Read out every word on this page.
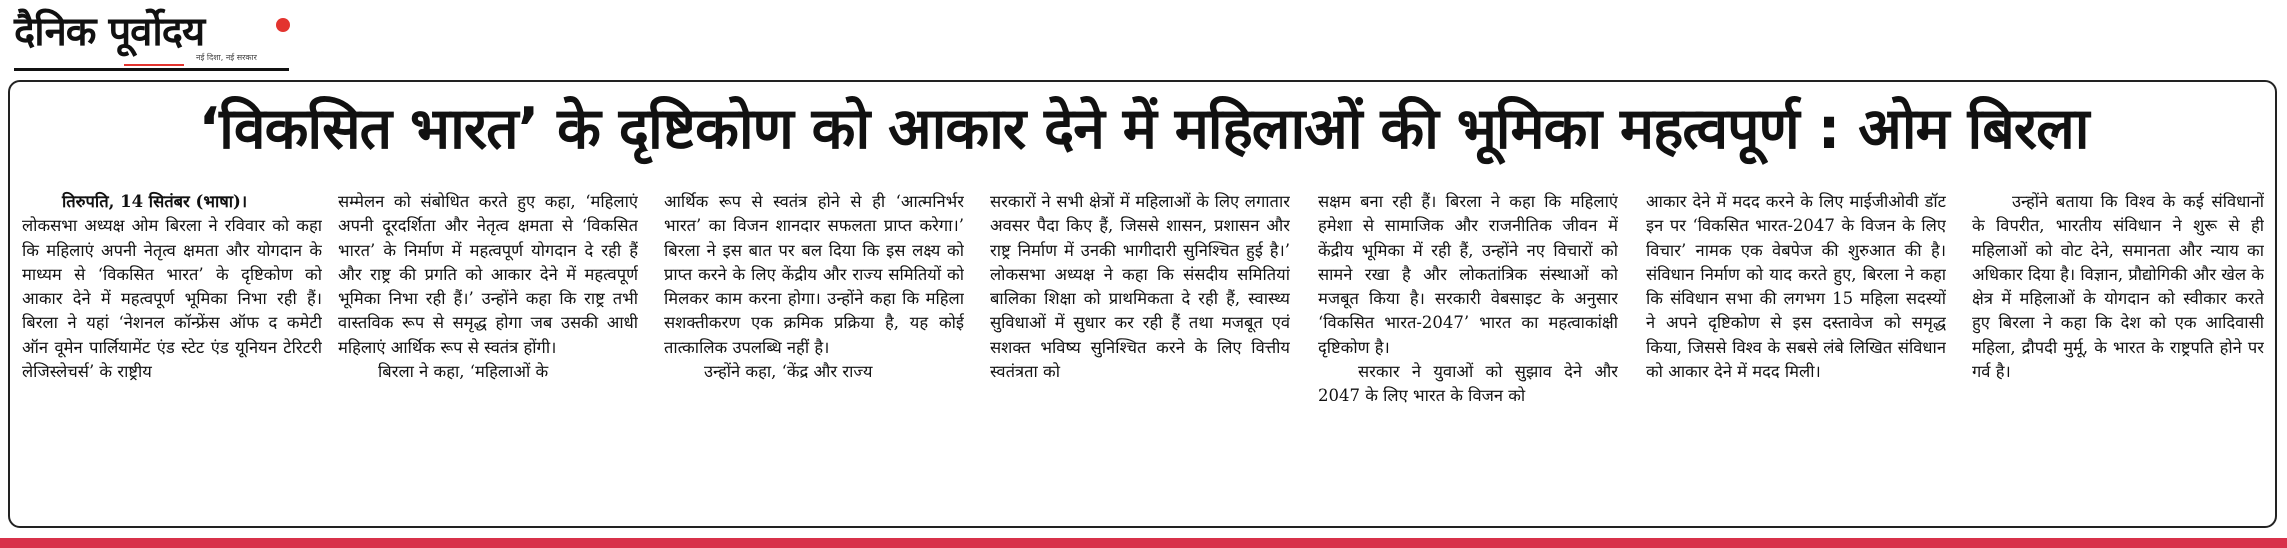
दैनिक पूर्वोदय
नई दिशा, नई सरकार
‘विकसित भारत’ के दृष्टिकोण को आकार देने में महिलाओं की भूमिका महत्वपूर्ण : ओम बिरला

तिरुपति, 14 सितंबर (भाषा)।

लोकसभा अध्यक्ष ओम बिरला ने रविवार को कहा कि महिलाएं अपनी नेतृत्व क्षमता और योगदान के माध्यम से ‘विकसित भारत’ के दृष्टिकोण को आकार देने में महत्वपूर्ण भूमिका निभा रही हैं। बिरला ने यहां ‘नेशनल कॉन्फ्रेंस ऑफ द कमेटी ऑन वूमेन पार्लियामेंट एंड स्टेट एंड यूनियन टेरिटरी लेजिस्लेचर्स’ के राष्ट्रीय

सम्मेलन को संबोधित करते हुए कहा, ‘महिलाएं अपनी दूरदर्शिता और नेतृत्व क्षमता से ‘विकसित भारत’ के निर्माण में महत्वपूर्ण योगदान दे रही हैं और राष्ट्र की प्रगति को आकार देने में महत्वपूर्ण भूमिका निभा रही हैं।’ उन्होंने कहा कि राष्ट्र तभी वास्तविक रूप से समृद्ध होगा जब उसकी आधी महिलाएं आर्थिक रूप से स्वतंत्र होंगी।

बिरला ने कहा, ‘महिलाओं के

आर्थिक रूप से स्वतंत्र होने से ही ‘आत्मनिर्भर भारत’ का विजन शानदार सफलता प्राप्त करेगा।’ बिरला ने इस बात पर बल दिया कि इस लक्ष्य को प्राप्त करने के लिए केंद्रीय और राज्य समितियों को मिलकर काम करना होगा। उन्होंने कहा कि महिला सशक्तीकरण एक क्रमिक प्रक्रिया है, यह कोई तात्कालिक उपलब्धि नहीं है।

उन्होंने कहा, ‘केंद्र और राज्य

सरकारों ने सभी क्षेत्रों में महिलाओं के लिए लगातार अवसर पैदा किए हैं, जिससे शासन, प्रशासन और राष्ट्र निर्माण में उनकी भागीदारी सुनिश्चित हुई है।’ लोकसभा अध्यक्ष ने कहा कि संसदीय समितियां बालिका शिक्षा को प्राथमिकता दे रही हैं, स्वास्थ्य सुविधाओं में सुधार कर रही हैं तथा मजबूत एवं सशक्त भविष्य सुनिश्चित करने के लिए वित्तीय स्वतंत्रता को

सक्षम बना रही हैं। बिरला ने कहा कि महिलाएं हमेशा से सामाजिक और राजनीतिक जीवन में केंद्रीय भूमिका में रही हैं, उन्होंने नए विचारों को सामने रखा है और लोकतांत्रिक संस्थाओं को मजबूत किया है। सरकारी वेबसाइट के अनुसार ‘विकसित भारत-2047’ भारत का महत्वाकांक्षी दृष्टिकोण है।

सरकार ने युवाओं को सुझाव देने और 2047 के लिए भारत के विजन को

आकार देने में मदद करने के लिए माईजीओवी डॉट इन पर ‘विकसित भारत-2047 के विजन के लिए विचार’ नामक एक वेबपेज की शुरुआत की है। संविधान निर्माण को याद करते हुए, बिरला ने कहा कि संविधान सभा की लगभग 15 महिला सदस्यों ने अपने दृष्टिकोण से इस दस्तावेज को समृद्ध किया, जिससे विश्व के सबसे लंबे लिखित संविधान को आकार देने में मदद मिली।

उन्होंने बताया कि विश्व के कई संविधानों के विपरीत, भारतीय संविधान ने शुरू से ही महिलाओं को वोट देने, समानता और न्याय का अधिकार दिया है। विज्ञान, प्रौद्योगिकी और खेल के क्षेत्र में महिलाओं के योगदान को स्वीकार करते हुए बिरला ने कहा कि देश को एक आदिवासी महिला, द्रौपदी मुर्मू, के भारत के राष्ट्रपति होने पर गर्व है।
